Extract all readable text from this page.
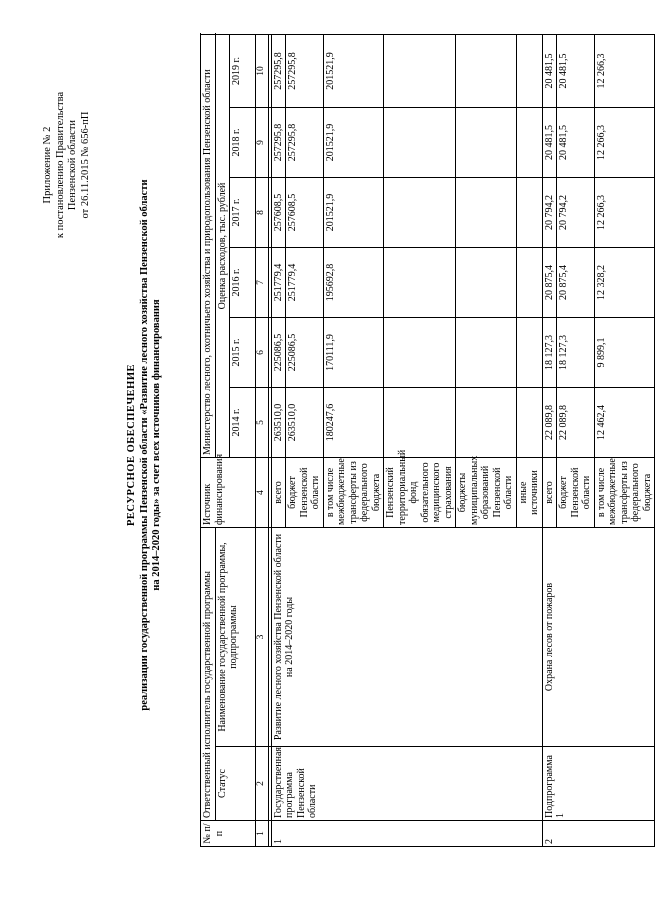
Приложение № 2 к постановлению Правительства Пензенской области от 26.11.2015 № 656-пП
РЕСУРСНОЕ ОБЕСПЕЧЕНИЕ реализации государственной программы Пензенской области «Развитие лесного хозяйства Пензенской области на 2014–2020 годы» за счет всех источников финансирования
№ п/п	Ответственный исполнитель государственной программы		Источник финансирования	Министерство лесного, охотничьего хозяйства и природопользования Пензенской области						
	Статус	Наименование государственной программы, подпрограммы		Оценка расходов, тыс. рублей						
				2014 г.	2015 г.	2016 г.	2017 г.	2018 г.	2019 г.	
1	2	3	4	5	6	7	8	9	10	

1	Государственная программа Пензенской области	Развитие лесного хозяйства Пензенской области на 2014–2020 годы	всего	263510,0	225086,5	251779,4	257608,5	257295,8	257295,8	
			бюджет Пензенской области	263510,0	225086,5	251779,4	257608,5	257295,8	257295,8	
			в том числе межбюджетные трансферты из федерального бюджета	180247,6	170111,9	195692,8	201521,9	201521,9	201521,9	
			Пензенский территориальный фонд обязательного медицинского страхования							
			бюджеты муниципальных образований Пензенской области							
			иные источники							
2	Подпрограмма 1	Охрана лесов от пожаров	всего	22 089,8	18 127,3	20 875,4	20 794,2	20 481,5	20 481,5	
			бюджет Пензенской области	22 089,8	18 127,3	20 875,4	20 794,2	20 481,5	20 481,5	
			в том числе межбюджетные трансферты из федерального бюджета	12 462,4	9 899,1	12 328,2	12 266,3	12 266,3	12 266,3	
